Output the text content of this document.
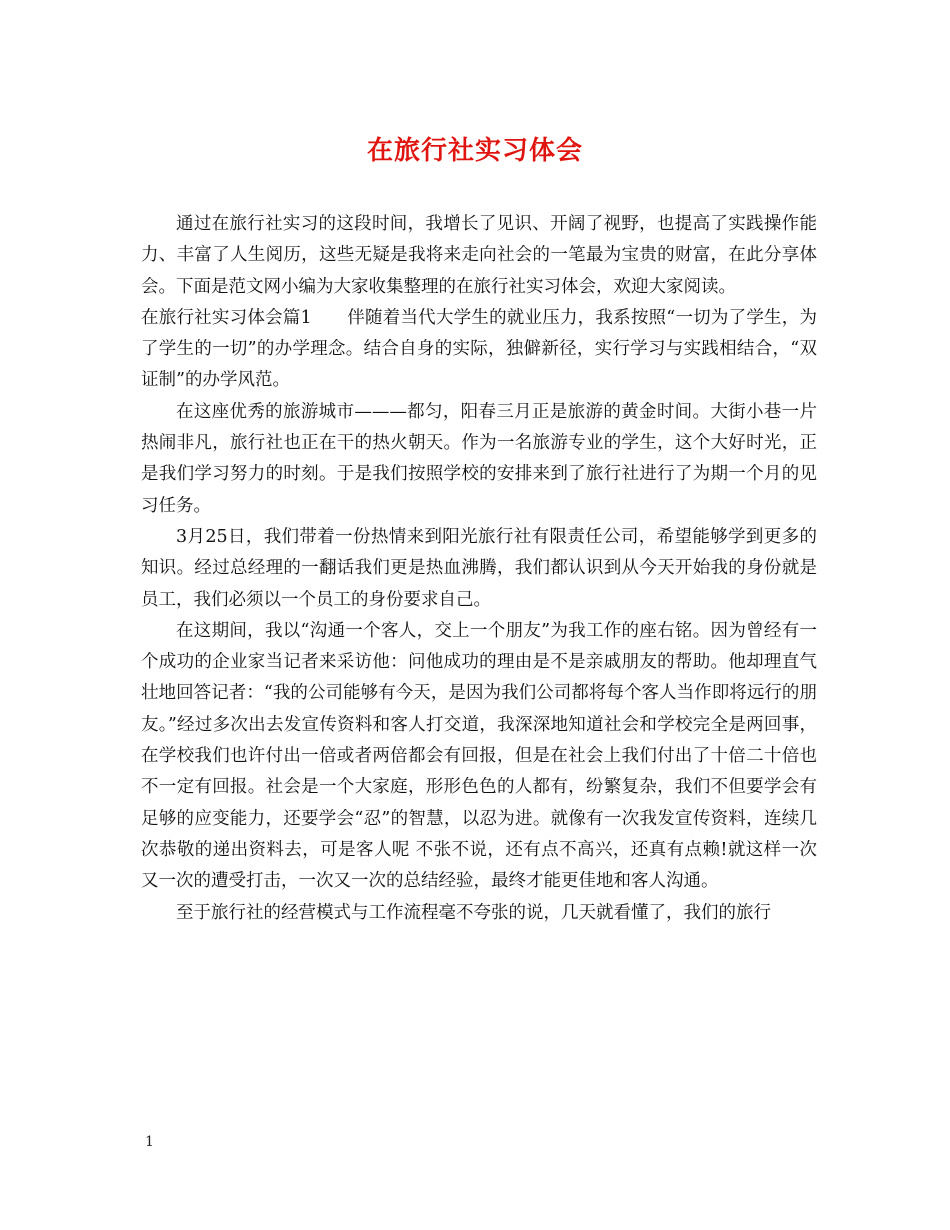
在旅行社实习体会

通过在旅行社实习的这段时间，我增长了见识、开阔了视野，也提高了实践操作能力、丰富了人生阅历，这些无疑是我将来走向社会的一笔最为宝贵的财富，在此分享体会。下面是范文网小编为大家收集整理的在旅行社实习体会，欢迎大家阅读。

在旅行社实习体会篇1　　伴随着当代大学生的就业压力，我系按照“一切为了学生，为了学生的一切”的办学理念。结合自身的实际，独僻新径，实行学习与实践相结合，“双证制”的办学风范。

在这座优秀的旅游城市———都匀，阳春三月正是旅游的黄金时间。大街小巷一片热闹非凡，旅行社也正在干的热火朝天。作为一名旅游专业的学生，这个大好时光，正是我们学习努力的时刻。于是我们按照学校的安排来到了旅行社进行了为期一个月的见习任务。

3月25日，我们带着一份热情来到阳光旅行社有限责任公司，希望能够学到更多的知识。经过总经理的一翻话我们更是热血沸腾，我们都认识到从今天开始我的身份就是员工，我们必须以一个员工的身份要求自己。

在这期间，我以“沟通一个客人，交上一个朋友”为我工作的座右铭。因为曾经有一个成功的企业家当记者来采访他：问他成功的理由是不是亲戚朋友的帮助。他却理直气壮地回答记者：“我的公司能够有今天，是因为我们公司都将每个客人当作即将远行的朋友。”经过多次出去发宣传资料和客人打交道，我深深地知道社会和学校完全是两回事，在学校我们也许付出一倍或者两倍都会有回报，但是在社会上我们付出了十倍二十倍也不一定有回报。社会是一个大家庭，形形色色的人都有，纷繁复杂，我们不但要学会有足够的应变能力，还要学会“忍”的智慧，以忍为进。就像有一次我发宣传资料，连续几次恭敬的递出资料去，可是客人呢 不张不说，还有点不高兴，还真有点赖!就这样一次又一次的遭受打击，一次又一次的总结经验，最终才能更佳地和客人沟通。

至于旅行社的经营模式与工作流程毫不夸张的说，几天就看懂了，我们的旅行

1
